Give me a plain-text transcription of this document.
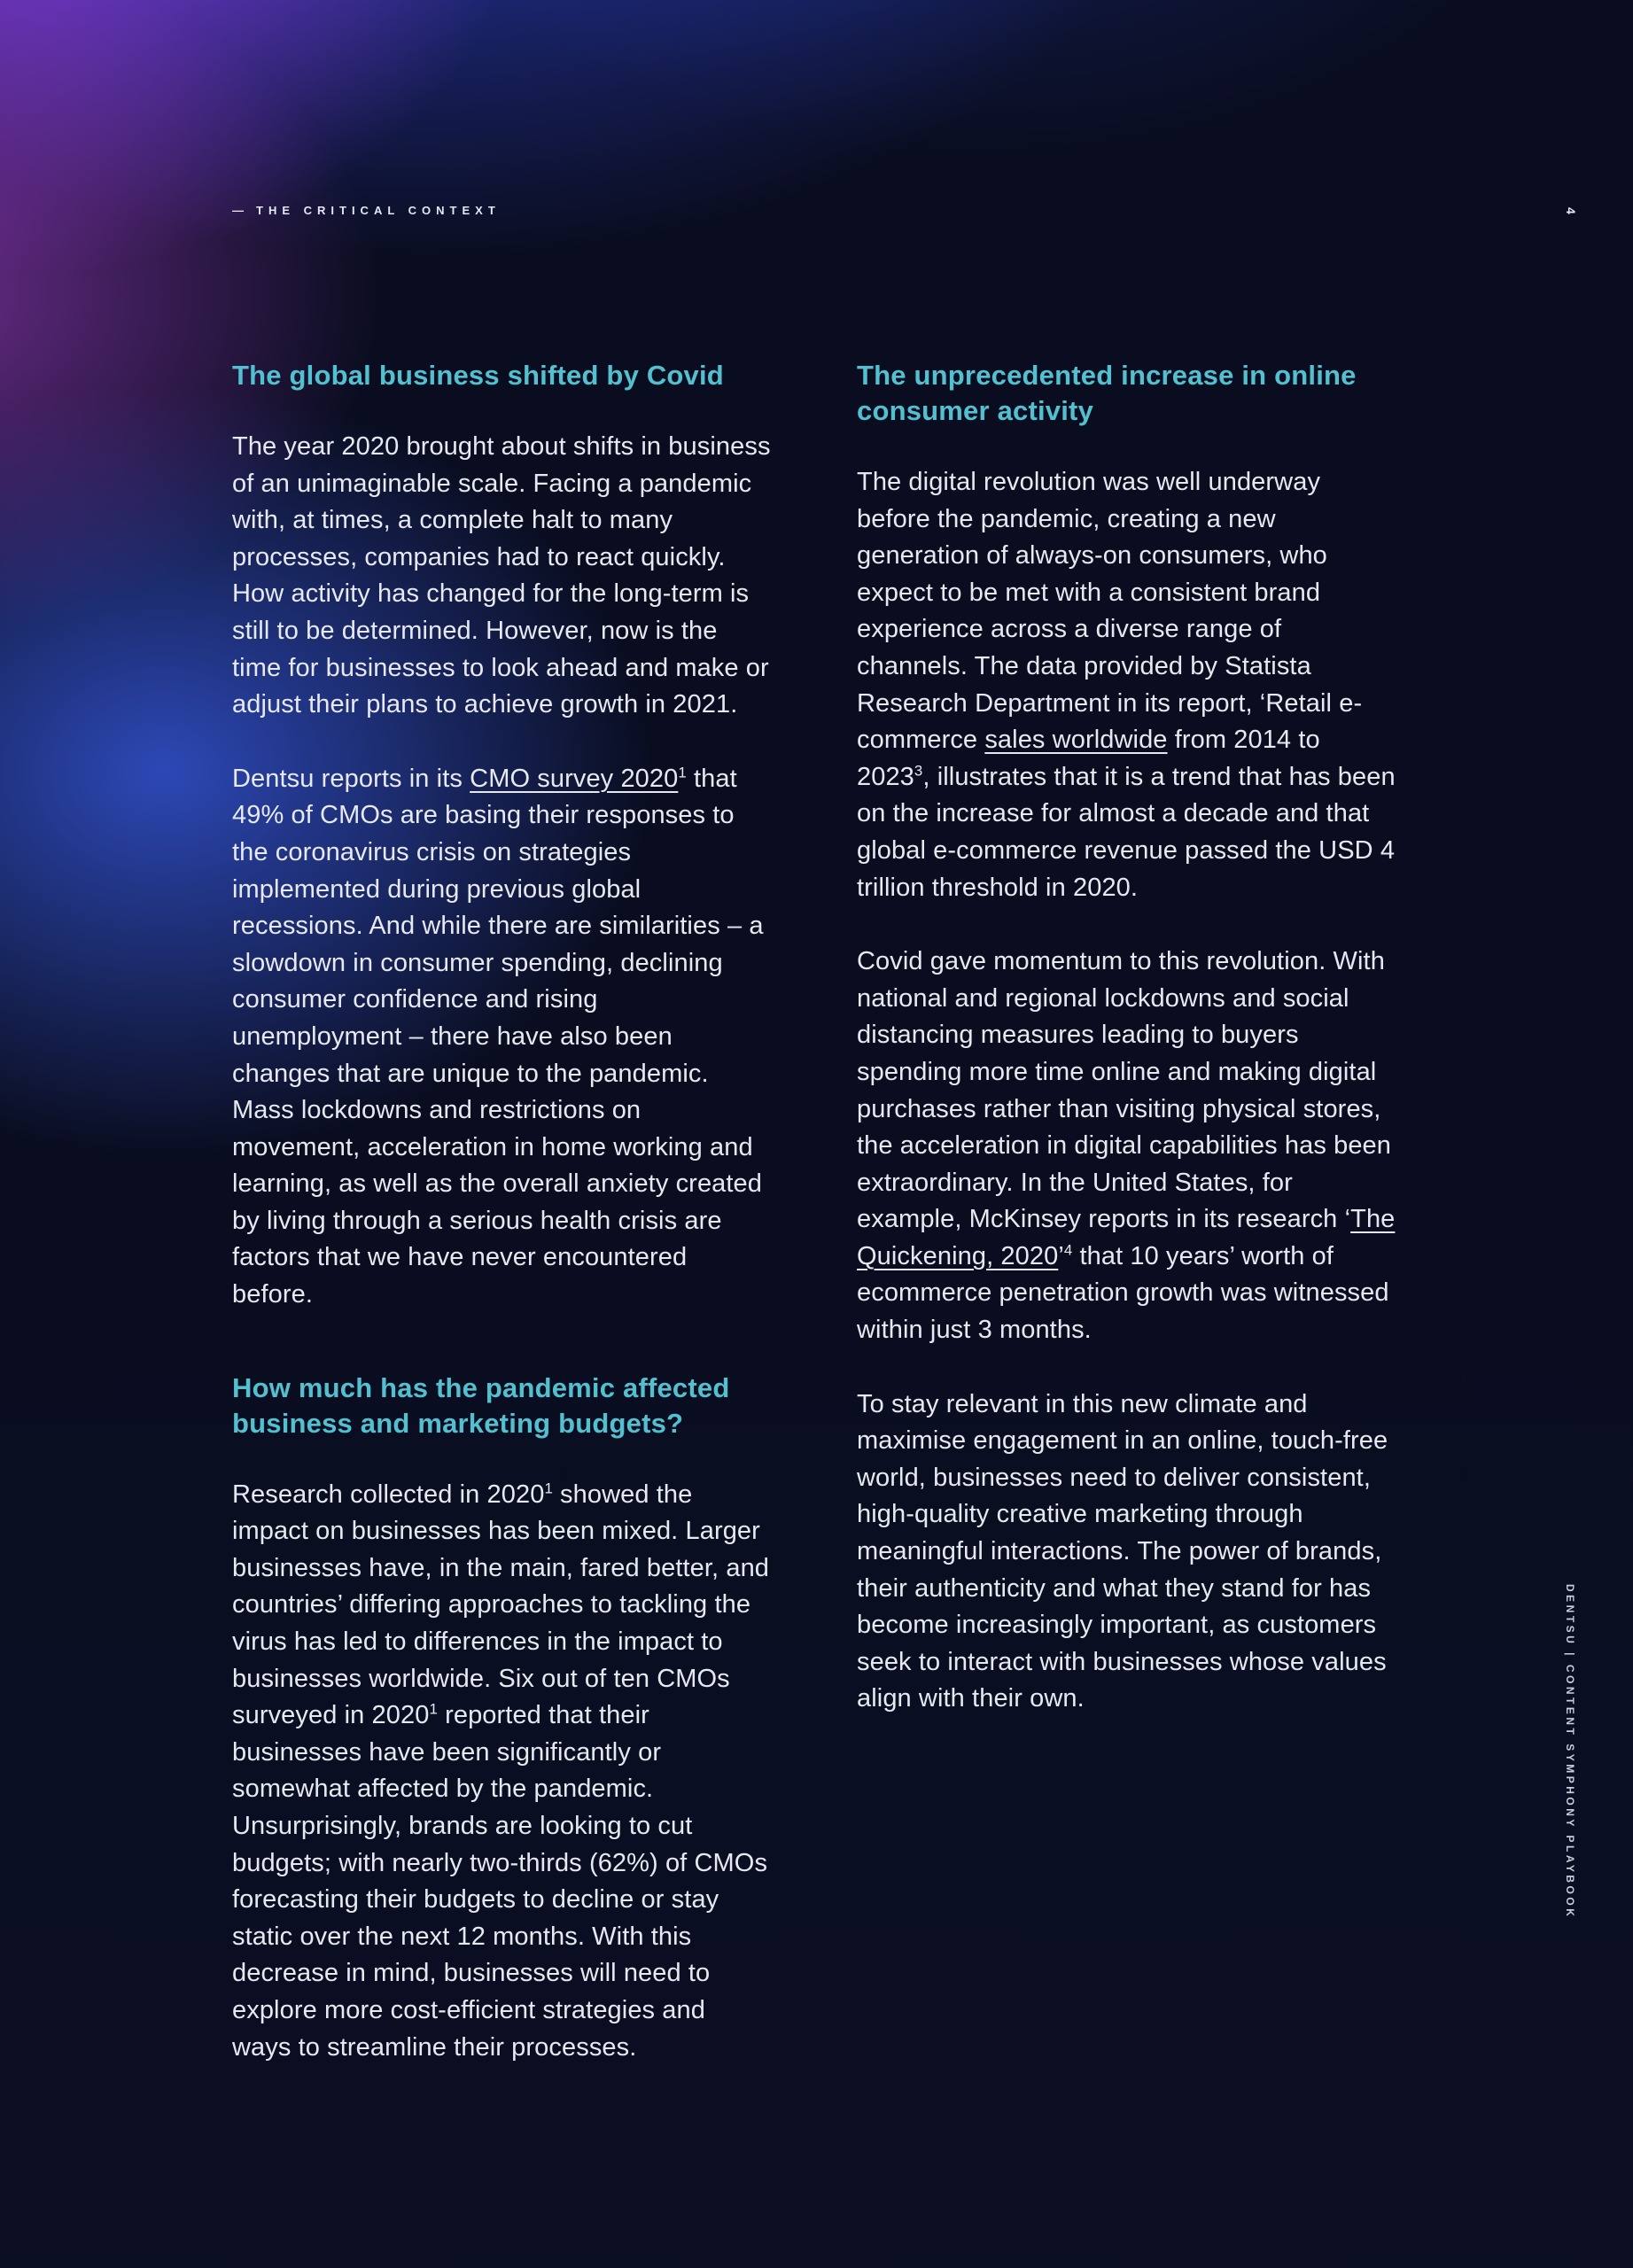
— THE CRITICAL CONTEXT	4
The global business shifted by Covid

The year 2020 brought about shifts in business of an unimaginable scale. Facing a pandemic with, at times, a complete halt to many processes, companies had to react quickly. How activity has changed for the long-term is still to be determined. However, now is the time for businesses to look ahead and make or adjust their plans to achieve growth in 2021.

Dentsu reports in its CMO survey 2020$^1$ that 49% of CMOs are basing their responses to the coronavirus crisis on strategies implemented during previous global recessions. And while there are similarities – a slowdown in consumer spending, declining consumer confidence and rising unemployment – there have also been changes that are unique to the pandemic. Mass lockdowns and restrictions on movement, acceleration in home working and learning, as well as the overall anxiety created by living through a serious health crisis are factors that we have never encountered before.

How much has the pandemic affected business and marketing budgets?

Research collected in 2020$^1$ showed the impact on businesses has been mixed. Larger businesses have, in the main, fared better, and countries’ differing approaches to tackling the virus has led to differences in the impact to businesses worldwide. Six out of ten CMOs surveyed in 2020$^1$ reported that their businesses have been significantly or somewhat affected by the pandemic. Unsurprisingly, brands are looking to cut budgets; with nearly two-thirds (62%) of CMOs forecasting their budgets to decline or stay static over the next 12 months. With this decrease in mind, businesses will need to explore more cost-efficient strategies and ways to streamline their processes.

The unprecedented increase in online consumer activity

The digital revolution was well underway before the pandemic, creating a new generation of always-on consumers, who expect to be met with a consistent brand experience across a diverse range of channels. The data provided by Statista Research Department in its report, ‘Retail e-commerce sales worldwide from 2014 to 2023$^3$, illustrates that it is a trend that has been on the increase for almost a decade and that global e-commerce revenue passed the USD 4 trillion threshold in 2020.

Covid gave momentum to this revolution. With national and regional lockdowns and social distancing measures leading to buyers spending more time online and making digital purchases rather than visiting physical stores, the acceleration in digital capabilities has been extraordinary. In the United States, for example, McKinsey reports in its research ‘The Quickening, 2020’$^4$ that 10 years’ worth of ecommerce penetration growth was witnessed within just 3 months.

To stay relevant in this new climate and maximise engagement in an online, touch-free world, businesses need to deliver consistent, high-quality creative marketing through meaningful interactions. The power of brands, their authenticity and what they stand for has become increasingly important, as customers seek to interact with businesses whose values align with their own.	DENTSU | CONTENT SYMPHONY PLAYBOOK
